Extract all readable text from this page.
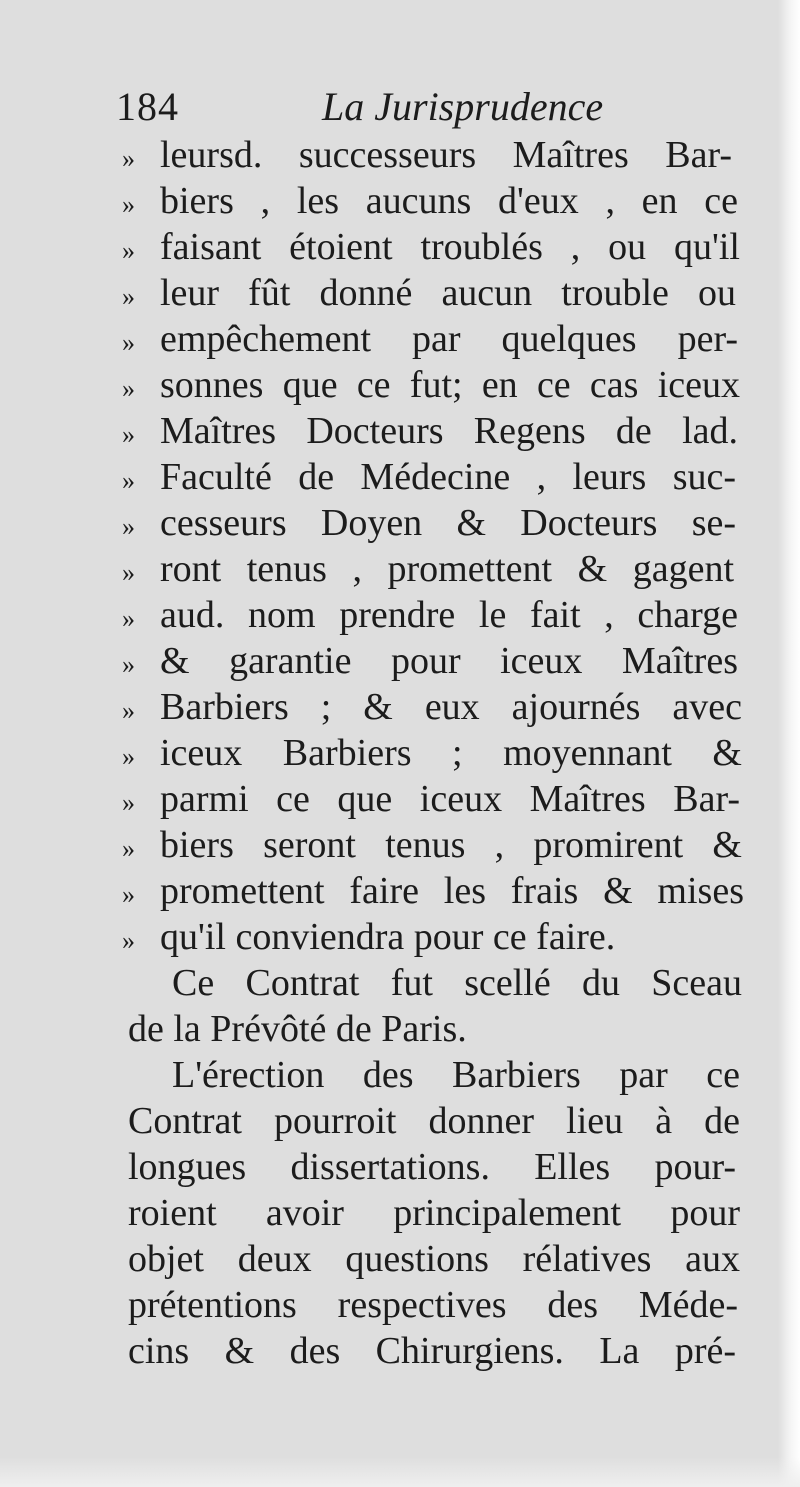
184	La Jurisprudence
» leursd. successeurs Maîtres Bar-
» biers , les aucuns d'eux , en ce
» faisant étoient troublés , ou qu'il
» leur fût donné aucun trouble ou
» empêchement par quelques per-
» sonnes que ce fut; en ce cas iceux
» Maîtres Docteurs Regens de lad.
» Faculté de Médecine , leurs suc-
» cesseurs Doyen & Docteurs se-
» ront tenus , promettent & gagent
» aud. nom prendre le fait , charge
» & garantie pour iceux Maîtres
» Barbiers ; & eux ajournés avec
» iceux Barbiers ; moyennant &
» parmi ce que iceux Maîtres Bar-
» biers seront tenus , promirent &
» promettent faire les frais & mises
» qu'il conviendra pour ce faire.
Ce Contrat fut scellé du Sceau
de la Prévôté de Paris.
L'érection des Barbiers par ce
Contrat pourroit donner lieu à de
longues dissertations. Elles pour-
roient avoir principalement pour
objet deux questions rélatives aux
prétentions respectives des Méde-
cins & des Chirurgiens. La pré-
